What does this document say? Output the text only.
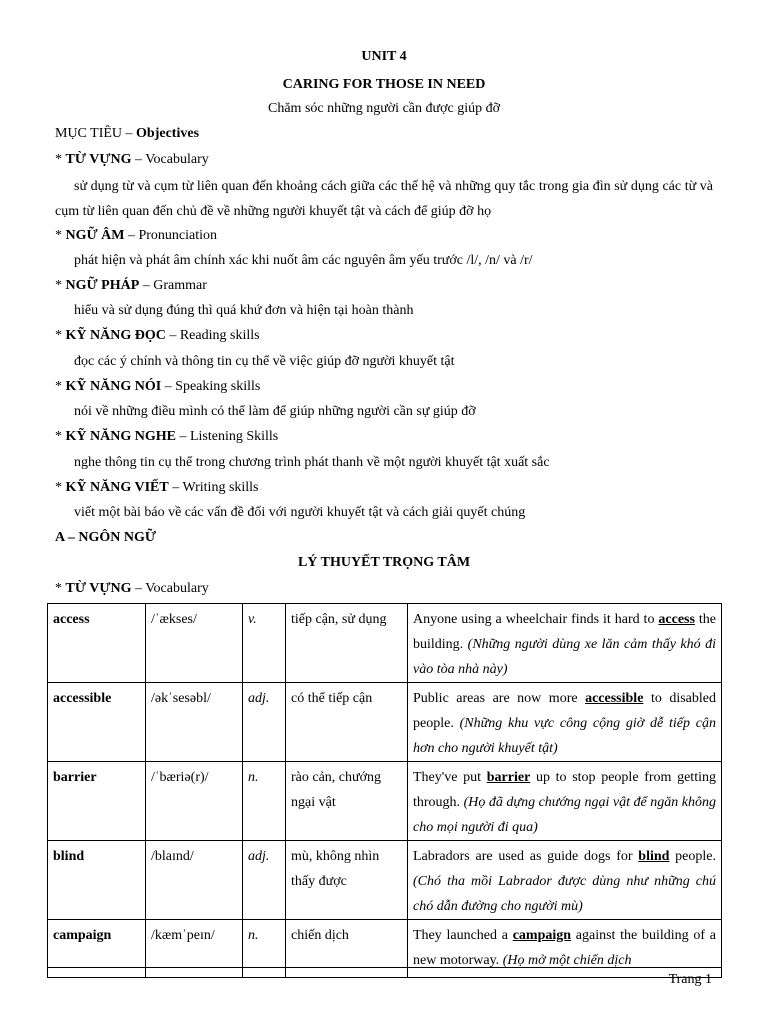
UNIT 4
CARING FOR THOSE IN NEED
Chăm sóc những người cần được giúp đỡ
MỤC TIÊU – Objectives
* TỪ VỰNG – Vocabulary
sử dụng từ và cụm từ liên quan đến khoảng cách giữa các thế hệ và những quy tắc trong gia đìn sử dụng các từ và cụm từ liên quan đến chủ đề về những người khuyết tật và cách để giúp đỡ họ
* NGỮ ÂM – Pronunciation
phát hiện và phát âm chính xác khi nuốt âm các nguyên âm yếu trước /l/, /n/ và /r/
* NGỮ PHÁP – Grammar
hiểu và sử dụng đúng thì quá khứ đơn và hiện tại hoàn thành
* KỸ NĂNG ĐỌC – Reading skills
đọc các ý chính và thông tin cụ thể về việc giúp đỡ người khuyết tật
* KỸ NĂNG NÓI – Speaking skills
nói về những điều mình có thể làm để giúp những người cần sự giúp đỡ
* KỸ NĂNG NGHE – Listening Skills
nghe thông tin cụ thể trong chương trình phát thanh về một người khuyết tật xuất sắc
* KỸ NĂNG VIẾT – Writing skills
viết một bài báo về các vấn đề đối với người khuyết tật và cách giải quyết chúng
A – NGÔN NGỮ
LÝ THUYẾT TRỌNG TÂM
* TỪ VỰNG – Vocabulary
access	/ˈækses/	v.	tiếp cận, sử dụng	Anyone using a wheelchair finds it hard to access the building. (Những người dùng xe lăn cảm thấy khó đi vào tòa nhà này)
accessible	/əkˈsesəbl/	adj.	có thể tiếp cận	Public areas are now more accessible to disabled people. (Những khu vực công cộng giờ dễ tiếp cận hơn cho người khuyết tật)
barrier	/ˈbæriə(r)/	n.	rào cản, chướng ngại vật	They've put barrier up to stop people from getting through. (Họ đã dựng chướng ngại vật để ngăn không cho mọi người đi qua)
blind	/blaɪnd/	adj.	mù, không nhìn thấy được	Labradors are used as guide dogs for blind people. (Chó tha mồi Labrador được dùng như những chú chó dẫn đường cho người mù)
campaign	/kæmˈpeɪn/	n.	chiến dịch	They launched a campaign against the building of a new motorway. (Họ mở một chiến dịch
Trang 1
